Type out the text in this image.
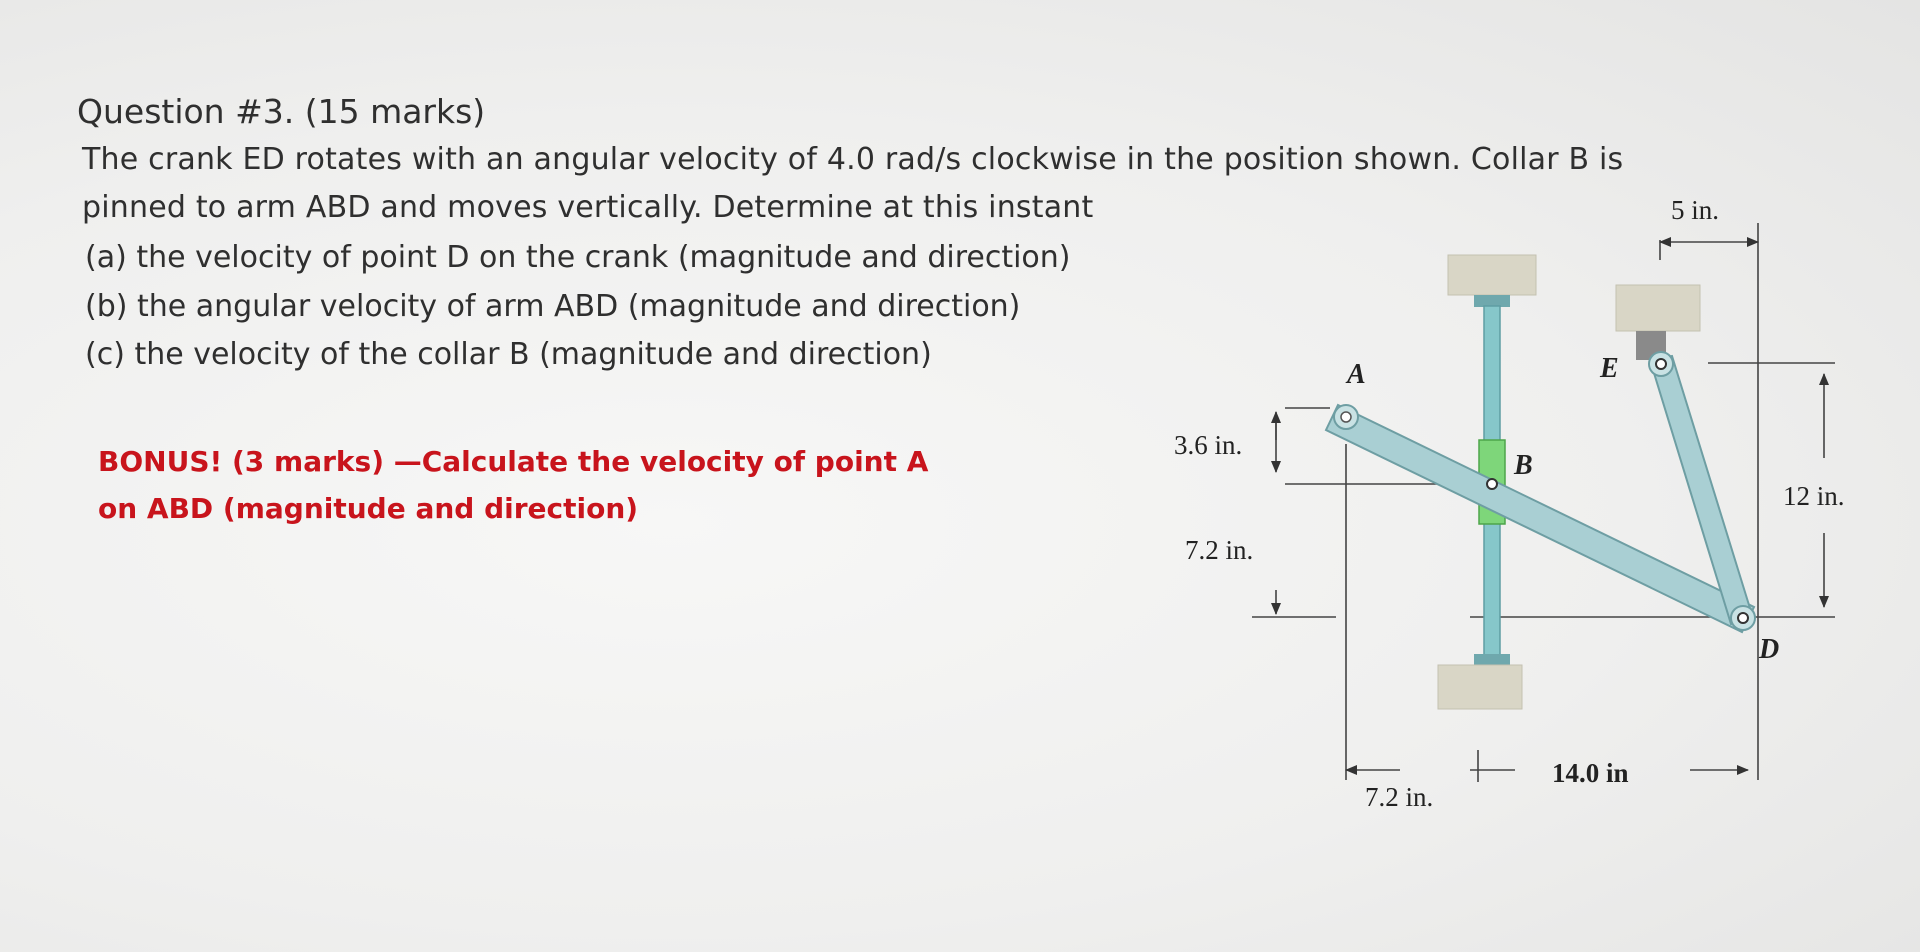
Question #3. (15 marks)
The crank ED rotates with an angular velocity of 4.0 rad/s clockwise in the position shown. Collar B is
pinned to arm ABD and moves vertically. Determine at this instant
(a) the velocity of point D on the crank (magnitude and direction)
(b) the angular velocity of arm ABD (magnitude and direction)
(c) the velocity of the collar B (magnitude and direction)
BONUS! (3 marks) —Calculate the velocity of point A
on ABD (magnitude and direction)
A
B
E
D
5 in.
3.6 in.
7.2 in.
12 in.
7.2 in.
14.0 in
